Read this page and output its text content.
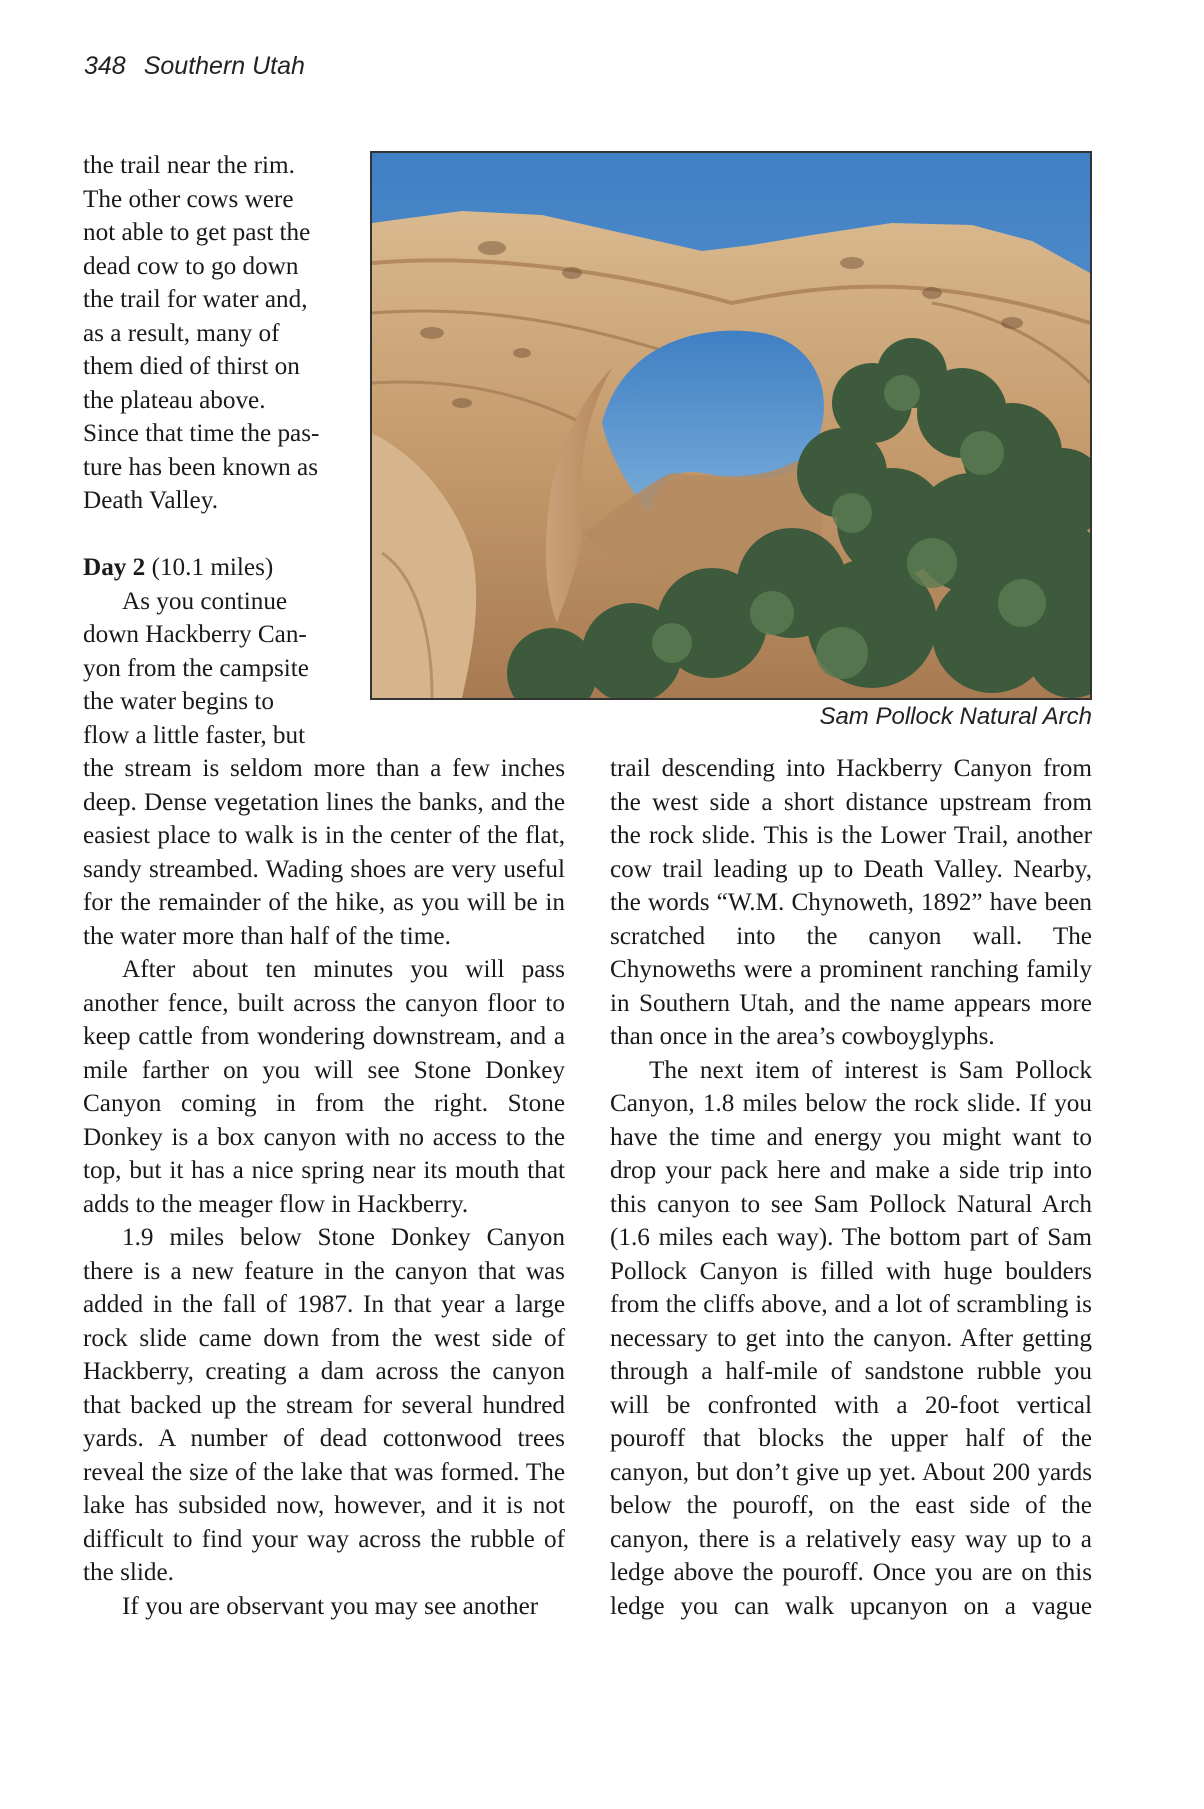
348 Southern Utah
the trail near the rim.
The other cows were
not able to get past the
dead cow to go down
the trail for water and,
as a result, many of
them died of thirst on
the plateau above.
Since that time the pas-
ture has been known as
Death Valley.
Day 2 (10.1 miles)
As you continue
down Hackberry Can-
yon from the campsite
the water begins to
flow a little faster, but
Sam Pollock Natural Arch

the stream is seldom more than a few inches deep. Dense vegetation lines the banks, and the easiest place to walk is in the center of the flat, sandy streambed. Wading shoes are very useful for the remainder of the hike, as you will be in the water more than half of the time.

After about ten minutes you will pass another fence, built across the canyon floor to keep cattle from wondering downstream, and a mile farther on you will see Stone Donkey Canyon coming in from the right. Stone Donkey is a box canyon with no access to the top, but it has a nice spring near its mouth that adds to the meager flow in Hackberry.

1.9 miles below Stone Donkey Canyon there is a new feature in the canyon that was added in the fall of 1987. In that year a large rock slide came down from the west side of Hackberry, creating a dam across the canyon that backed up the stream for several hundred yards. A number of dead cottonwood trees reveal the size of the lake that was formed. The lake has subsided now, however, and it is not difficult to find your way across the rubble of the slide.

If you are observant you may see another

trail descending into Hackberry Canyon from the west side a short distance upstream from the rock slide. This is the Lower Trail, another cow trail leading up to Death Valley. Nearby, the words “W.M. Chynoweth, 1892” have been scratched into the canyon wall. The Chynoweths were a prominent ranching family in Southern Utah, and the name appears more than once in the area’s cowboyglyphs.

The next item of interest is Sam Pollock Canyon, 1.8 miles below the rock slide. If you have the time and energy you might want to drop your pack here and make a side trip into this canyon to see Sam Pollock Natural Arch (1.6 miles each way). The bottom part of Sam Pollock Canyon is filled with huge boulders from the cliffs above, and a lot of scrambling is necessary to get into the canyon. After getting through a half-mile of sandstone rubble you will be confronted with a 20-foot vertical pouroff that blocks the upper half of the canyon, but don’t give up yet. About 200 yards below the pouroff, on the east side of the canyon, there is a relatively easy way up to a ledge above the pouroff. Once you are on this ledge you can walk upcanyon on a vague
